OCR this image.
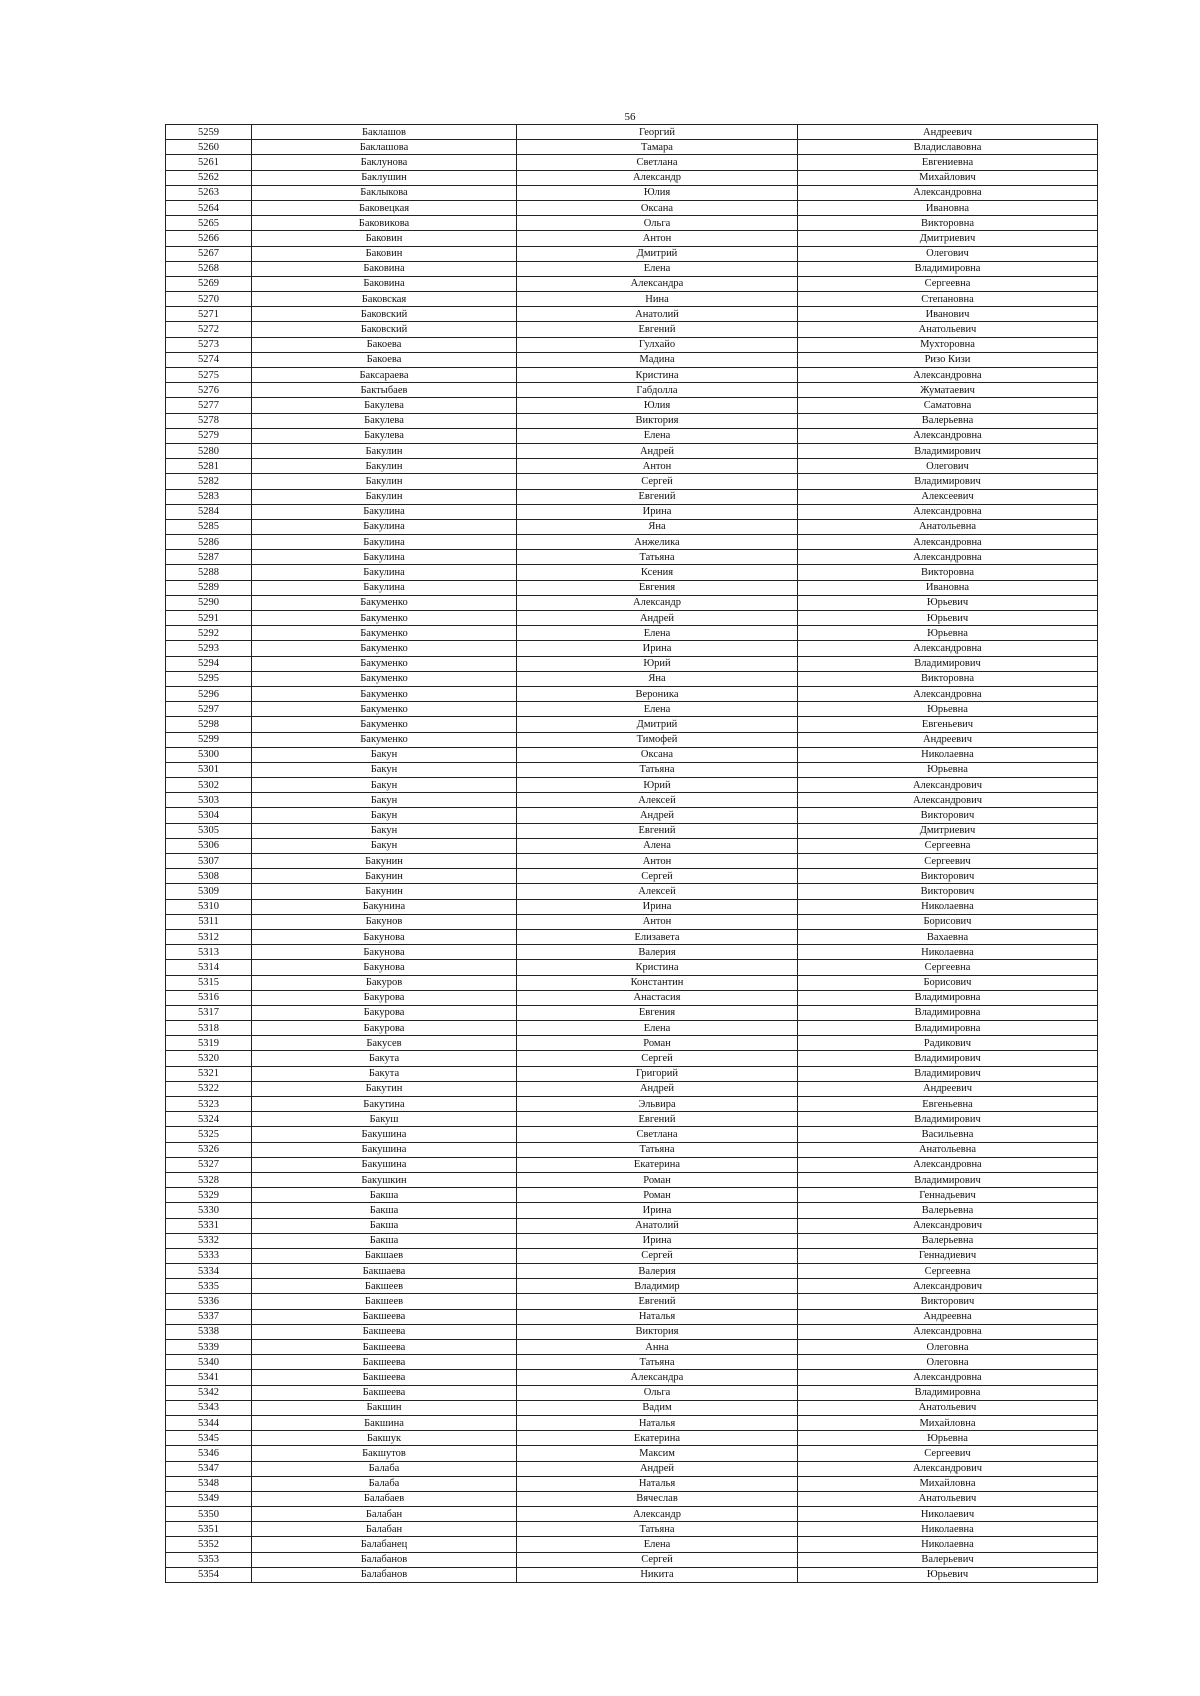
56
5259	Баклашов	Георгий	Андреевич
5260	Баклашова	Тамара	Владиславовна
5261	Баклунова	Светлана	Евгениевна
5262	Баклушин	Александр	Михайлович
5263	Баклыкова	Юлия	Александровна
5264	Баковецкая	Оксана	Ивановна
5265	Баковикова	Ольга	Викторовна
5266	Баковин	Антон	Дмитриевич
5267	Баковин	Дмитрий	Олегович
5268	Баковина	Елена	Владимировна
5269	Баковина	Александра	Сергеевна
5270	Баковская	Нина	Степановна
5271	Баковский	Анатолий	Иванович
5272	Баковский	Евгений	Анатольевич
5273	Бакоева	Гулхайо	Мухторовна
5274	Бакоева	Мадина	Ризо Кизи
5275	Баксараева	Кристина	Александровна
5276	Бактыбаев	Габдолла	Жуматаевич
5277	Бакулева	Юлия	Саматовна
5278	Бакулева	Виктория	Валерьевна
5279	Бакулева	Елена	Александровна
5280	Бакулин	Андрей	Владимирович
5281	Бакулин	Антон	Олегович
5282	Бакулин	Сергей	Владимирович
5283	Бакулин	Евгений	Алексеевич
5284	Бакулина	Ирина	Александровна
5285	Бакулина	Яна	Анатольевна
5286	Бакулина	Анжелика	Александровна
5287	Бакулина	Татьяна	Александровна
5288	Бакулина	Ксения	Викторовна
5289	Бакулина	Евгения	Ивановна
5290	Бакуменко	Александр	Юрьевич
5291	Бакуменко	Андрей	Юрьевич
5292	Бакуменко	Елена	Юрьевна
5293	Бакуменко	Ирина	Александровна
5294	Бакуменко	Юрий	Владимирович
5295	Бакуменко	Яна	Викторовна
5296	Бакуменко	Вероника	Александровна
5297	Бакуменко	Елена	Юрьевна
5298	Бакуменко	Дмитрий	Евгеньевич
5299	Бакуменко	Тимофей	Андреевич
5300	Бакун	Оксана	Николаевна
5301	Бакун	Татьяна	Юрьевна
5302	Бакун	Юрий	Александрович
5303	Бакун	Алексей	Александрович
5304	Бакун	Андрей	Викторович
5305	Бакун	Евгений	Дмитриевич
5306	Бакун	Алена	Сергеевна
5307	Бакунин	Антон	Сергеевич
5308	Бакунин	Сергей	Викторович
5309	Бакунин	Алексей	Викторович
5310	Бакунина	Ирина	Николаевна
5311	Бакунов	Антон	Борисович
5312	Бакунова	Елизавета	Вахаевна
5313	Бакунова	Валерия	Николаевна
5314	Бакунова	Кристина	Сергеевна
5315	Бакуров	Константин	Борисович
5316	Бакурова	Анастасия	Владимировна
5317	Бакурова	Евгения	Владимировна
5318	Бакурова	Елена	Владимировна
5319	Бакусев	Роман	Радикович
5320	Бакута	Сергей	Владимирович
5321	Бакута	Григорий	Владимирович
5322	Бакутин	Андрей	Андреевич
5323	Бакутина	Эльвира	Евгеньевна
5324	Бакуш	Евгений	Владимирович
5325	Бакушина	Светлана	Васильевна
5326	Бакушина	Татьяна	Анатольевна
5327	Бакушина	Екатерина	Александровна
5328	Бакушкин	Роман	Владимирович
5329	Бакша	Роман	Геннадьевич
5330	Бакша	Ирина	Валерьевна
5331	Бакша	Анатолий	Александрович
5332	Бакша	Ирина	Валерьевна
5333	Бакшаев	Сергей	Геннадиевич
5334	Бакшаева	Валерия	Сергеевна
5335	Бакшеев	Владимир	Александрович
5336	Бакшеев	Евгений	Викторович
5337	Бакшеева	Наталья	Андреевна
5338	Бакшеева	Виктория	Александровна
5339	Бакшеева	Анна	Олеговна
5340	Бакшеева	Татьяна	Олеговна
5341	Бакшеева	Александра	Александровна
5342	Бакшеева	Ольга	Владимировна
5343	Бакшин	Вадим	Анатольевич
5344	Бакшина	Наталья	Михайловна
5345	Бакшук	Екатерина	Юрьевна
5346	Бакшутов	Максим	Сергеевич
5347	Балаба	Андрей	Александрович
5348	Балаба	Наталья	Михайловна
5349	Балабаев	Вячеслав	Анатольевич
5350	Балабан	Александр	Николаевич
5351	Балабан	Татьяна	Николаевна
5352	Балабанец	Елена	Николаевна
5353	Балабанов	Сергей	Валерьевич
5354	Балабанов	Никита	Юрьевич
